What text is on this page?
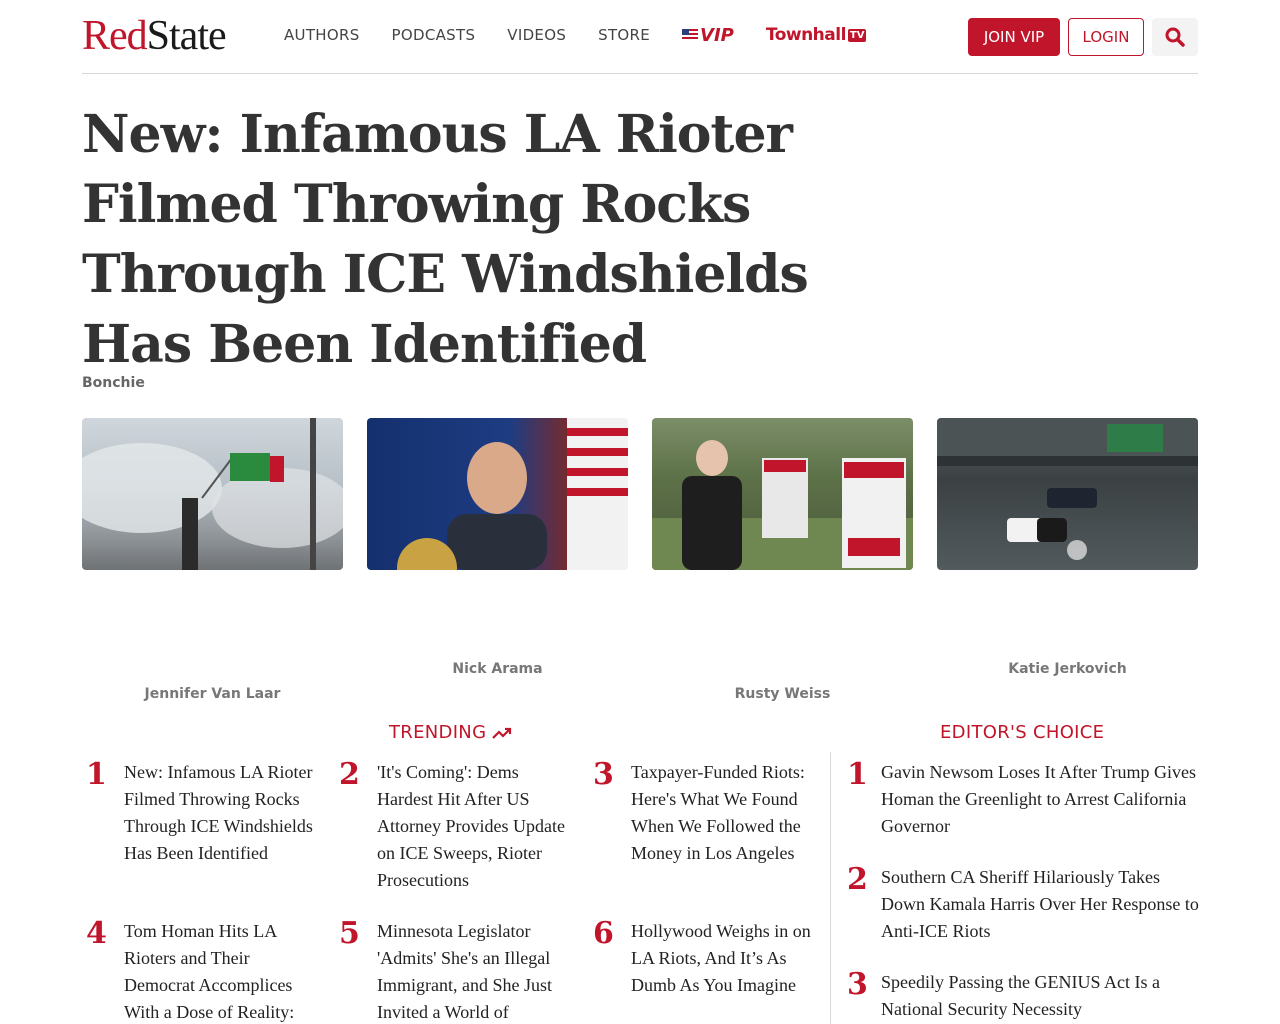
RedState	AUTHORS PODCASTS VIDEOS STORE	VIP Townhall TV	JOIN VIP	LOGIN
New: Infamous LA Rioter Filmed Throwing Rocks Through ICE Windshields Has Been Identified
Bonchie
Jennifer Van Laar
Nick Arama
Rusty Weiss
Katie Jerkovich
TRENDING
1 New: Infamous LA Rioter Filmed Throwing Rocks Through ICE Windshields Has Been Identified
2 'It's Coming': Dems Hardest Hit After US Attorney Provides Update on ICE Sweeps, Rioter Prosecutions
3 Taxpayer-Funded Riots: Here's What We Found When We Followed the Money in Los Angeles
4 Tom Homan Hits LA Rioters and Their Democrat Accomplices With a Dose of Reality:
5 Minnesota Legislator 'Admits' She's an Illegal Immigrant, and She Just Invited a World of
6 Hollywood Weighs in on LA Riots, And It’s As Dumb As You Imagine
EDITOR'S CHOICE
1 Gavin Newsom Loses It After Trump Gives Homan the Greenlight to Arrest California Governor
2 Southern CA Sheriff Hilariously Takes Down Kamala Harris Over Her Response to Anti-ICE Riots
3 Speedily Passing the GENIUS Act Is a National Security Necessity
